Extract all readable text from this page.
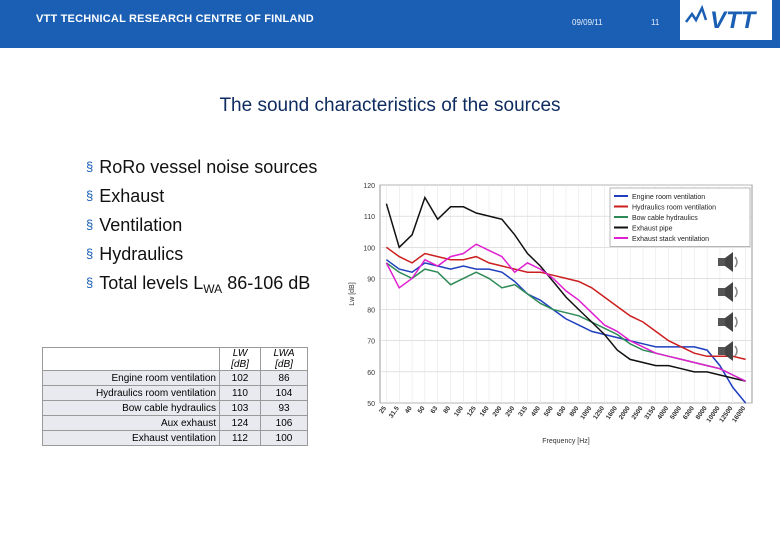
VTT TECHNICAL RESEARCH CENTRE OF FINLAND	09/09/11	11 VTT
The sound characteristics of the sources
§ RoRo vessel noise sources
§ Exhaust
§ Ventilation
§ Hydraulics
§ Total levels $L_{WA}$ 86-106 dB
	LW [dB]	LWA [dB]
Engine room ventilation	102	86
Hydraulics room ventilation	110	104
Bow cable hydraulics	103	93
Aux exhaust	124	106
Exhaust ventilation	112	100
50
60
70
80
90
100
110
120
25 31.5 40 50 63 80 100 125 160 200 250 315 400 500 630 800
1000
1250
1600
2000
2500
3150
4000
5000
6300
8000
10000
12500
16000
Frequency [Hz]
Lw [dB]
Engine room ventilation
Hydraulics room ventilation
Bow cable hydraulics
Exhaust pipe
Exhaust stack ventilation
